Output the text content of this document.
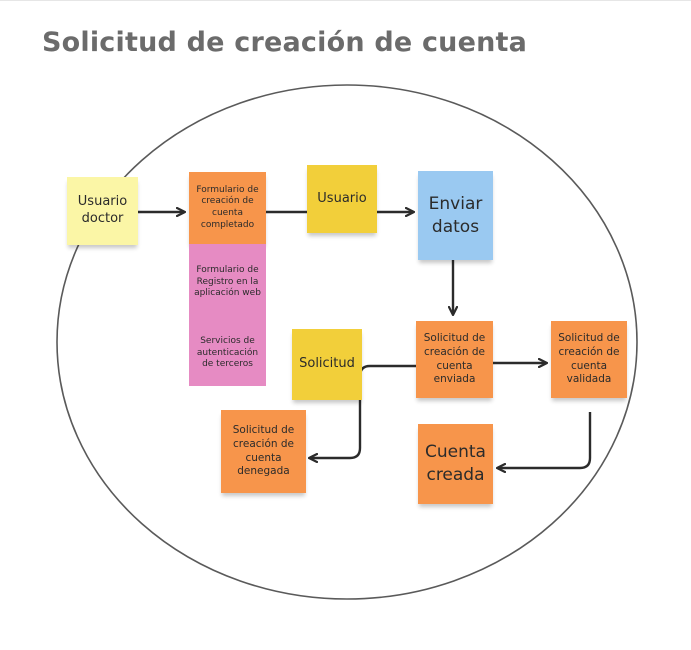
Solicitud de creación de cuenta
Usuario doctor
Formulario de creación de cuenta completado
Formulario de Registro en la aplicación web
Servicios de autenticación de terceros
Usuario	Enviar datos
Solicitud
Solicitud de creación de cuenta enviada
Solicitud de creación de cuenta validada
Solicitud de creación de cuenta denegada
Cuenta creada
